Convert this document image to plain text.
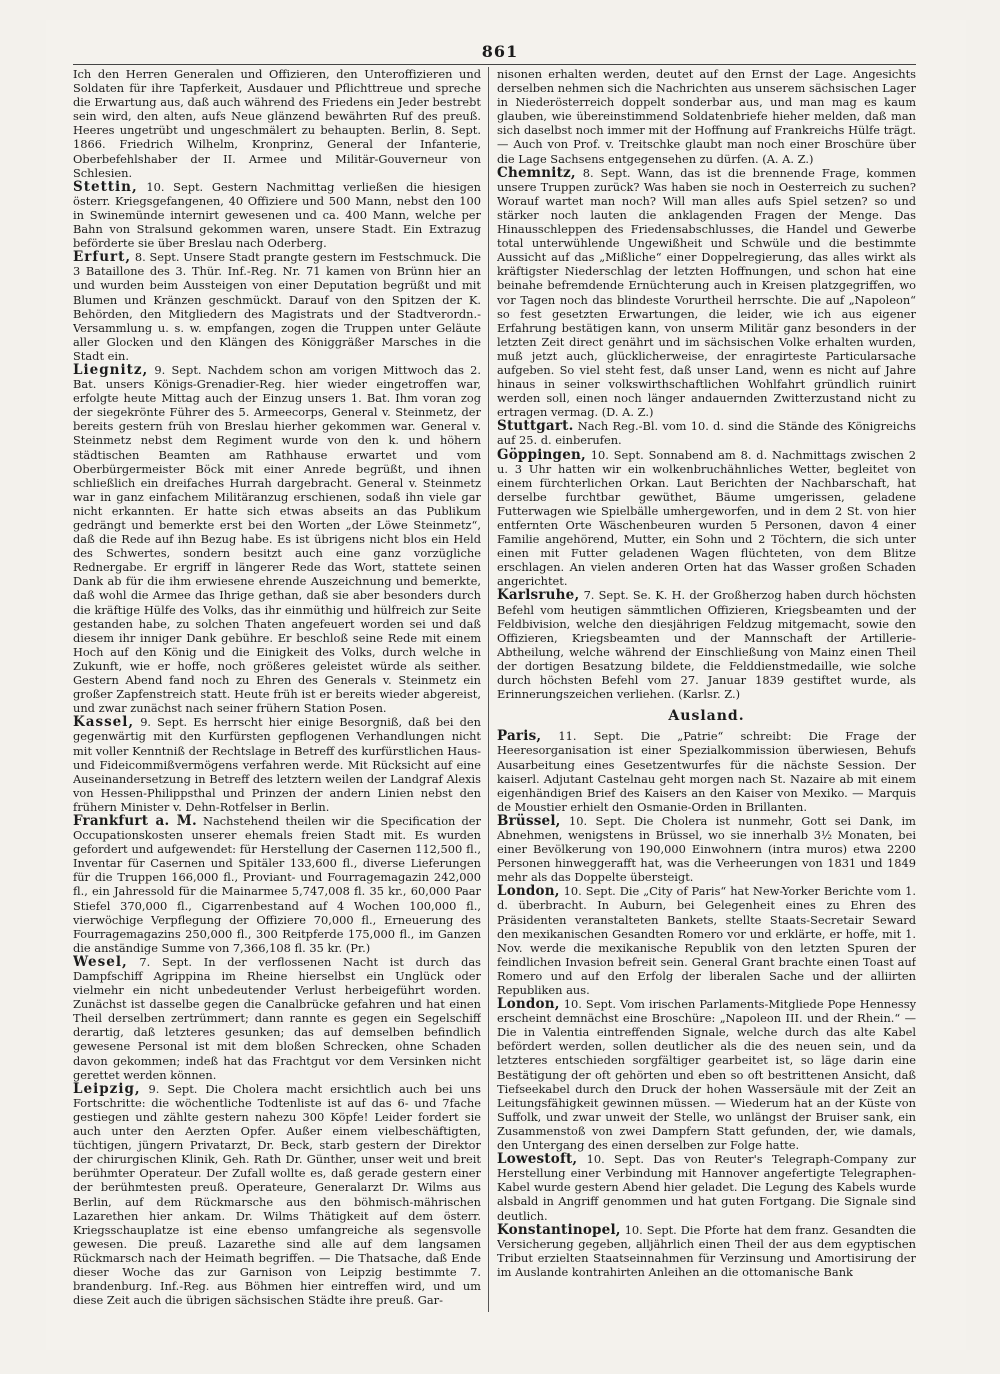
861

Ich den Herren Generalen und Offizieren, den Unteroffizieren und Soldaten für ihre Tapferkeit, Ausdauer und Pflichttreue und spreche die Erwartung aus, daß auch während des Friedens ein Jeder bestrebt sein wird, den alten, aufs Neue glänzend bewährten Ruf des preuß. Heeres ungetrübt und ungeschmälert zu behaupten. Berlin, 8. Sept. 1866. Friedrich Wilhelm, Kronprinz, General der Infanterie, Oberbefehlshaber der II. Armee und Militär-Gouverneur von Schlesien.

Stettin, 10. Sept. Gestern Nachmittag verließen die hiesigen österr. Kriegsgefangenen, 40 Offiziere und 500 Mann, nebst den 100 in Swinemünde internirt gewesenen und ca. 400 Mann, welche per Bahn von Stralsund gekommen waren, unsere Stadt. Ein Extrazug beförderte sie über Breslau nach Oderberg.

Erfurt, 8. Sept. Unsere Stadt prangte gestern im Festschmuck. Die 3 Bataillone des 3. Thür. Inf.-Reg. Nr. 71 kamen von Brünn hier an und wurden beim Aussteigen von einer Deputation begrüßt und mit Blumen und Kränzen geschmückt. Darauf von den Spitzen der K. Behörden, den Mitgliedern des Magistrats und der Stadtverordn.-Versammlung u. s. w. empfangen, zogen die Truppen unter Geläute aller Glocken und den Klängen des Königgräßer Marsches in die Stadt ein.

Liegnitz, 9. Sept. Nachdem schon am vorigen Mittwoch das 2. Bat. unsers Königs-Grenadier-Reg. hier wieder eingetroffen war, erfolgte heute Mittag auch der Einzug unsers 1. Bat. Ihm voran zog der siegekrönte Führer des 5. Armeecorps, General v. Steinmetz, der bereits gestern früh von Breslau hierher gekommen war. General v. Steinmetz nebst dem Regiment wurde von den k. und höhern städtischen Beamten am Rathhause erwartet und vom Oberbürgermeister Böck mit einer Anrede begrüßt, und ihnen schließlich ein dreifaches Hurrah dargebracht. General v. Steinmetz war in ganz einfachem Militäranzug erschienen, sodaß ihn viele gar nicht erkannten. Er hatte sich etwas abseits an das Publikum gedrängt und bemerkte erst bei den Worten „der Löwe Steinmetz“, daß die Rede auf ihn Bezug habe. Es ist übrigens nicht blos ein Held des Schwertes, sondern besitzt auch eine ganz vorzügliche Rednergabe. Er ergriff in längerer Rede das Wort, stattete seinen Dank ab für die ihm erwiesene ehrende Auszeichnung und bemerkte, daß wohl die Armee das Ihrige gethan, daß sie aber besonders durch die kräftige Hülfe des Volks, das ihr einmüthig und hülfreich zur Seite gestanden habe, zu solchen Thaten angefeuert worden sei und daß diesem ihr inniger Dank gebühre. Er beschloß seine Rede mit einem Hoch auf den König und die Einigkeit des Volks, durch welche in Zukunft, wie er hoffe, noch größeres geleistet würde als seither. Gestern Abend fand noch zu Ehren des Generals v. Steinmetz ein großer Zapfenstreich statt. Heute früh ist er bereits wieder abgereist, und zwar zunächst nach seiner frühern Station Posen.

Kassel, 9. Sept. Es herrscht hier einige Besorgniß, daß bei den gegenwärtig mit den Kurfürsten gepflogenen Verhandlungen nicht mit voller Kenntniß der Rechtslage in Betreff des kurfürstlichen Haus- und Fideicommißvermögens verfahren werde. Mit Rücksicht auf eine Auseinandersetzung in Betreff des letztern weilen der Landgraf Alexis von Hessen-Philippsthal und Prinzen der andern Linien nebst den frühern Minister v. Dehn-Rotfelser in Berlin.

Frankfurt a. M. Nachstehend theilen wir die Specification der Occupationskosten unserer ehemals freien Stadt mit. Es wurden gefordert und aufgewendet: für Herstellung der Casernen 112,500 fl., Inventar für Casernen und Spitäler 133,600 fl., diverse Lieferungen für die Truppen 166,000 fl., Proviant- und Fourragemagazin 242,000 fl., ein Jahressold für die Mainarmee 5,747,008 fl. 35 kr., 60,000 Paar Stiefel 370,000 fl., Cigarrenbestand auf 4 Wochen 100,000 fl., vierwöchige Verpflegung der Offiziere 70,000 fl., Erneuerung des Fourragemagazins 250,000 fl., 300 Reitpferde 175,000 fl., im Ganzen die anständige Summe von 7,366,108 fl. 35 kr. (Pr.)

Wesel, 7. Sept. In der verflossenen Nacht ist durch das Dampfschiff Agrippina im Rheine hierselbst ein Unglück oder vielmehr ein nicht unbedeutender Verlust herbeigeführt worden. Zunächst ist dasselbe gegen die Canalbrücke gefahren und hat einen Theil derselben zertrümmert; dann rannte es gegen ein Segelschiff derartig, daß letzteres gesunken; das auf demselben befindlich gewesene Personal ist mit dem bloßen Schrecken, ohne Schaden davon gekommen; indeß hat das Frachtgut vor dem Versinken nicht gerettet werden können.

Leipzig, 9. Sept. Die Cholera macht ersichtlich auch bei uns Fortschritte: die wöchentliche Todtenliste ist auf das 6- und 7fache gestiegen und zählte gestern nahezu 300 Köpfe! Leider fordert sie auch unter den Aerzten Opfer. Außer einem vielbeschäftigten, tüchtigen, jüngern Privatarzt, Dr. Beck, starb gestern der Direktor der chirurgischen Klinik, Geh. Rath Dr. Günther, unser weit und breit berühmter Operateur. Der Zufall wollte es, daß gerade gestern einer der berühmtesten preuß. Operateure, Generalarzt Dr. Wilms aus Berlin, auf dem Rückmarsche aus den böhmisch-mährischen Lazarethen hier ankam. Dr. Wilms Thätigkeit auf dem österr. Kriegsschauplatze ist eine ebenso umfangreiche als segensvolle gewesen. Die preuß. Lazarethe sind alle auf dem langsamen Rückmarsch nach der Heimath begriffen. — Die Thatsache, daß Ende dieser Woche das zur Garnison von Leipzig bestimmte 7. brandenburg. Inf.-Reg. aus Böhmen hier eintreffen wird, und um diese Zeit auch die übrigen sächsischen Städte ihre preuß. Gar-

nisonen erhalten werden, deutet auf den Ernst der Lage. Angesichts derselben nehmen sich die Nachrichten aus unserem sächsischen Lager in Niederösterreich doppelt sonderbar aus, und man mag es kaum glauben, wie übereinstimmend Soldatenbriefe hieher melden, daß man sich daselbst noch immer mit der Hoffnung auf Frankreichs Hülfe trägt. — Auch von Prof. v. Treitschke glaubt man noch einer Broschüre über die Lage Sachsens entgegensehen zu dürfen. (A. A. Z.)

Chemnitz, 8. Sept. Wann, das ist die brennende Frage, kommen unsere Truppen zurück? Was haben sie noch in Oesterreich zu suchen? Worauf wartet man noch? Will man alles aufs Spiel setzen? so und stärker noch lauten die anklagenden Fragen der Menge. Das Hinausschleppen des Friedensabschlusses, die Handel und Gewerbe total unterwühlende Ungewißheit und Schwüle und die bestimmte Aussicht auf das „Mißliche“ einer Doppelregierung, das alles wirkt als kräftigster Niederschlag der letzten Hoffnungen, und schon hat eine beinahe befremdende Ernüchterung auch in Kreisen platzgegriffen, wo vor Tagen noch das blindeste Vorurtheil herrschte. Die auf „Napoleon“ so fest gesetzten Erwartungen, die leider, wie ich aus eigener Erfahrung bestätigen kann, von unserm Militär ganz besonders in der letzten Zeit direct genährt und im sächsischen Volke erhalten wurden, muß jetzt auch, glücklicherweise, der enragirteste Particularsache aufgeben. So viel steht fest, daß unser Land, wenn es nicht auf Jahre hinaus in seiner volkswirthschaftlichen Wohlfahrt gründlich ruinirt werden soll, einen noch länger andauernden Zwitterzustand nicht zu ertragen vermag. (D. A. Z.)

Stuttgart. Nach Reg.-Bl. vom 10. d. sind die Stände des Königreichs auf 25. d. einberufen.

Göppingen, 10. Sept. Sonnabend am 8. d. Nachmittags zwischen 2 u. 3 Uhr hatten wir ein wolkenbruchähnliches Wetter, begleitet von einem fürchterlichen Orkan. Laut Berichten der Nachbarschaft, hat derselbe furchtbar gewüthet, Bäume umgerissen, geladene Futterwagen wie Spielbälle umhergeworfen, und in dem 2 St. von hier entfernten Orte Wäschenbeuren wurden 5 Personen, davon 4 einer Familie angehörend, Mutter, ein Sohn und 2 Töchtern, die sich unter einen mit Futter geladenen Wagen flüchteten, von dem Blitze erschlagen. An vielen anderen Orten hat das Wasser großen Schaden angerichtet.

Karlsruhe, 7. Sept. Se. K. H. der Großherzog haben durch höchsten Befehl vom heutigen sämmtlichen Offizieren, Kriegsbeamten und der Feldbivision, welche den diesjährigen Feldzug mitgemacht, sowie den Offizieren, Kriegsbeamten und der Mannschaft der Artillerie-Abtheilung, welche während der Einschließung von Mainz einen Theil der dortigen Besatzung bildete, die Felddienstmedaille, wie solche durch höchsten Befehl vom 27. Januar 1839 gestiftet wurde, als Erinnerungszeichen verliehen. (Karlsr. Z.)

Ausland.

Paris, 11. Sept. Die „Patrie“ schreibt: Die Frage der Heeresorganisation ist einer Spezialkommission überwiesen, Behufs Ausarbeitung eines Gesetzentwurfes für die nächste Session. Der kaiserl. Adjutant Castelnau geht morgen nach St. Nazaire ab mit einem eigenhändigen Brief des Kaisers an den Kaiser von Mexiko. — Marquis de Moustier erhielt den Osmanie-Orden in Brillanten.

Brüssel, 10. Sept. Die Cholera ist nunmehr, Gott sei Dank, im Abnehmen, wenigstens in Brüssel, wo sie innerhalb 3½ Monaten, bei einer Bevölkerung von 190,000 Einwohnern (intra muros) etwa 2200 Personen hinweggerafft hat, was die Verheerungen von 1831 und 1849 mehr als das Doppelte übersteigt.

London, 10. Sept. Die „City of Paris“ hat New-Yorker Berichte vom 1. d. überbracht. In Auburn, bei Gelegenheit eines zu Ehren des Präsidenten veranstalteten Bankets, stellte Staats-Secretair Seward den mexikanischen Gesandten Romero vor und erklärte, er hoffe, mit 1. Nov. werde die mexikanische Republik von den letzten Spuren der feindlichen Invasion befreit sein. General Grant brachte einen Toast auf Romero und auf den Erfolg der liberalen Sache und der alliirten Republiken aus.

London, 10. Sept. Vom irischen Parlaments-Mitgliede Pope Hennessy erscheint demnächst eine Broschüre: „Napoleon III. und der Rhein.“ — Die in Valentia eintreffenden Signale, welche durch das alte Kabel befördert werden, sollen deutlicher als die des neuen sein, und da letzteres entschieden sorgfältiger gearbeitet ist, so läge darin eine Bestätigung der oft gehörten und eben so oft bestrittenen Ansicht, daß Tiefseekabel durch den Druck der hohen Wassersäule mit der Zeit an Leitungsfähigkeit gewinnen müssen. — Wiederum hat an der Küste von Suffolk, und zwar unweit der Stelle, wo unlängst der Bruiser sank, ein Zusammenstoß von zwei Dampfern Statt gefunden, der, wie damals, den Untergang des einen derselben zur Folge hatte.

Lowestoft, 10. Sept. Das von Reuter's Telegraph-Company zur Herstellung einer Verbindung mit Hannover angefertigte Telegraphen-Kabel wurde gestern Abend hier geladet. Die Legung des Kabels wurde alsbald in Angriff genommen und hat guten Fortgang. Die Signale sind deutlich.

Konstantinopel, 10. Sept. Die Pforte hat dem franz. Gesandten die Versicherung gegeben, alljährlich einen Theil der aus dem egyptischen Tribut erzielten Staatseinnahmen für Verzinsung und Amortisirung der im Auslande kontrahirten Anleihen an die ottomanische Bank
